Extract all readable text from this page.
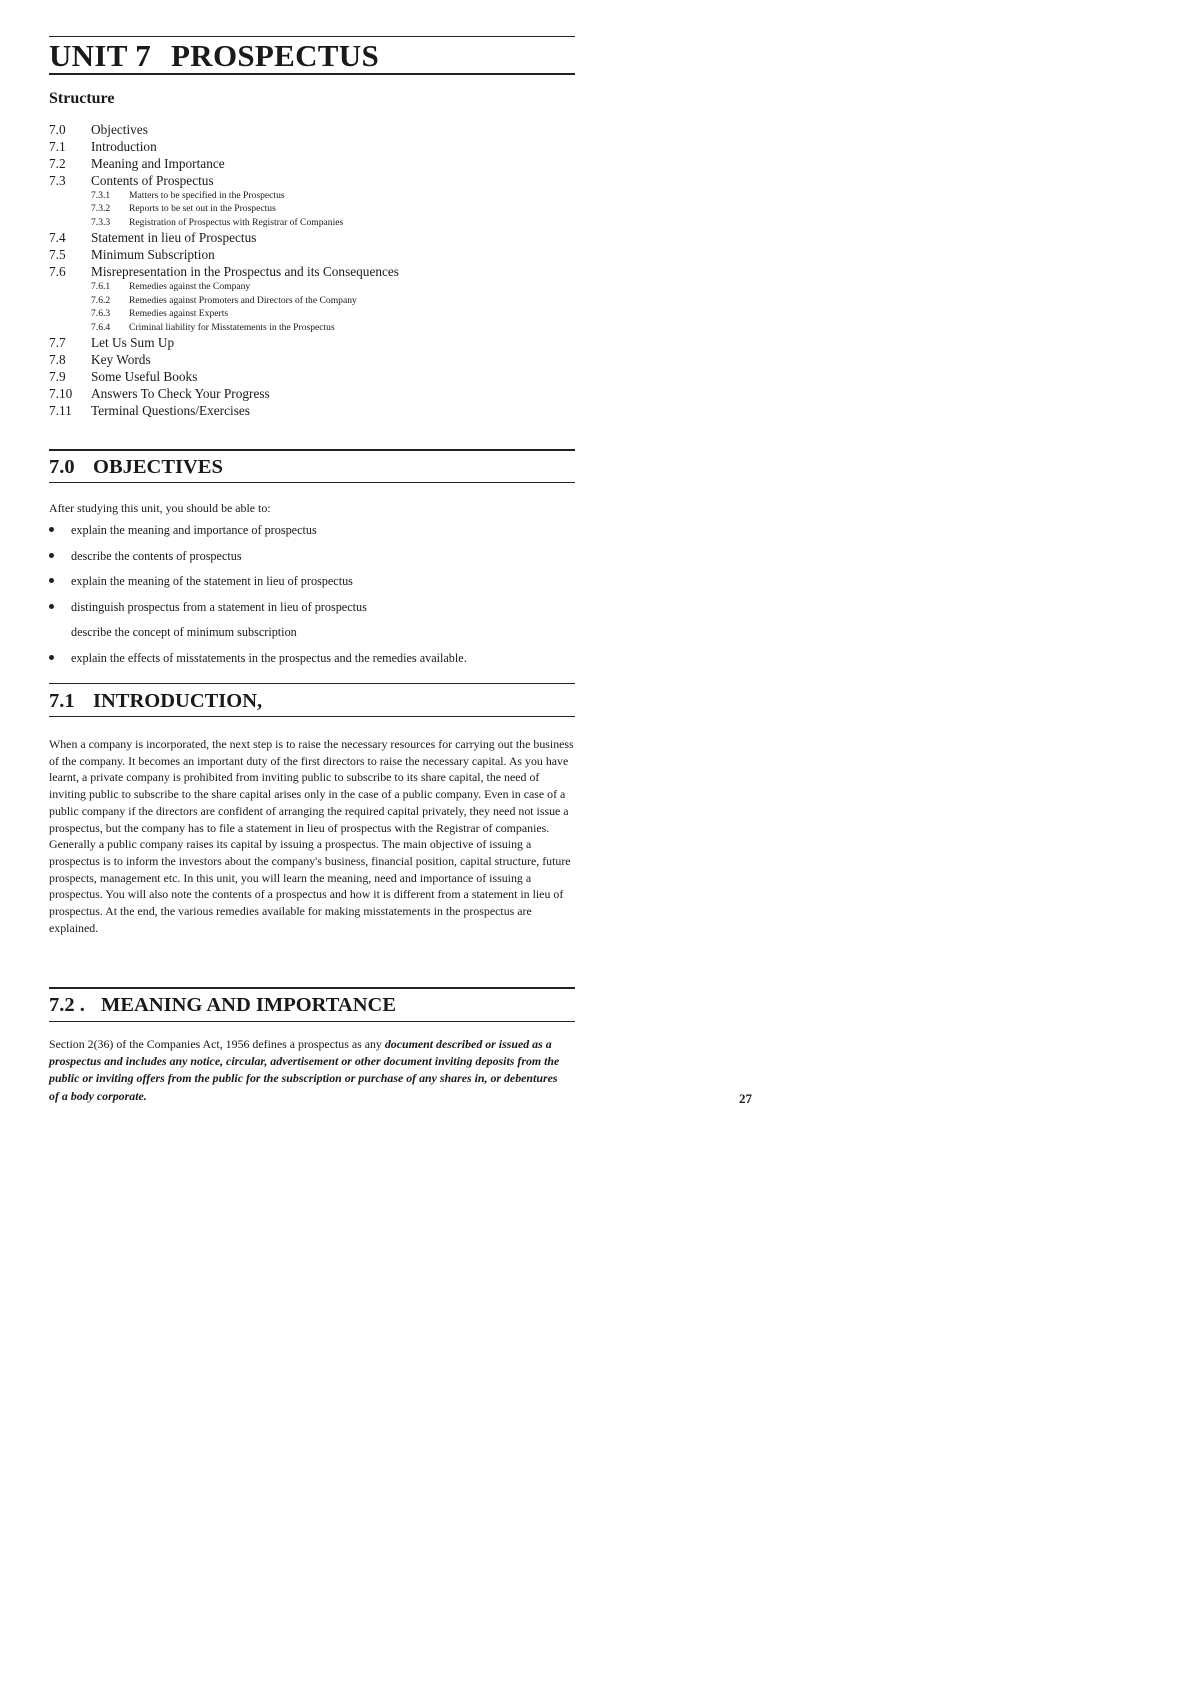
UNIT 7 PROSPECTUS
Structure
7.0	Objectives
7.1	Introduction
7.2	Meaning and Importance
7.3	Contents of Prospectus
7.3.1	Matters to be specified in the Prospectus
7.3.2	Reports to be set out in the Prospectus
7.3.3	Registration of Prospectus with Registrar of Companies
7.4	Statement in lieu of Prospectus
7.5	Minimum Subscription
7.6	Misrepresentation in the Prospectus and its Consequences
7.6.1	Remedies against the Company
7.6.2	Remedies against Promoters and Directors of the Company
7.6.3	Remedies against Experts
7.6.4	Criminal liability for Misstatements in the Prospectus
7.7	Let Us Sum Up
7.8	Key Words
7.9	Some Useful Books
7.10	Answers To Check Your Progress
7.11	Terminal Questions/Exercises
7.0 OBJECTIVES

After studying this unit, you should be able to:

explain the meaning and importance of prospectus
describe the contents of prospectus
explain the meaning of the statement in lieu of prospectus
distinguish prospectus from a statement in lieu of prospectus
describe the concept of minimum subscription
explain the effects of misstatements in the prospectus and the remedies available.
7.1 INTRODUCTION,

When a company is incorporated, the next step is to raise the necessary resources for carrying out the business of the company. It becomes an important duty of the first directors to raise the necessary capital. As you have learnt, a private company is prohibited from inviting public to subscribe to its share capital, the need of inviting public to subscribe to the share capital arises only in the case of a public company. Even in case of a public company if the directors are confident of arranging the required capital privately, they need not issue a prospectus, but the company has to file a statement in lieu of prospectus with the Registrar of companies. Generally a public company raises its capital by issuing a prospectus. The main objective of issuing a prospectus is to inform the investors about the company's business, financial position, capital structure, future prospects, management etc. In this unit, you will learn the meaning, need and importance of issuing a prospectus. You will also note the contents of a prospectus and how it is different from a statement in lieu of prospectus. At the end, the various remedies available for making misstatements in the prospectus are explained.

7.2 . MEANING AND IMPORTANCE

Section 2(36) of the Companies Act, 1956 defines a prospectus as any document described or issued as a prospectus and includes any notice, circular, advertisement or other document inviting deposits from the public or inviting offers from the public for the subscription or purchase of any shares in, or debentures of a body corporate.	27
